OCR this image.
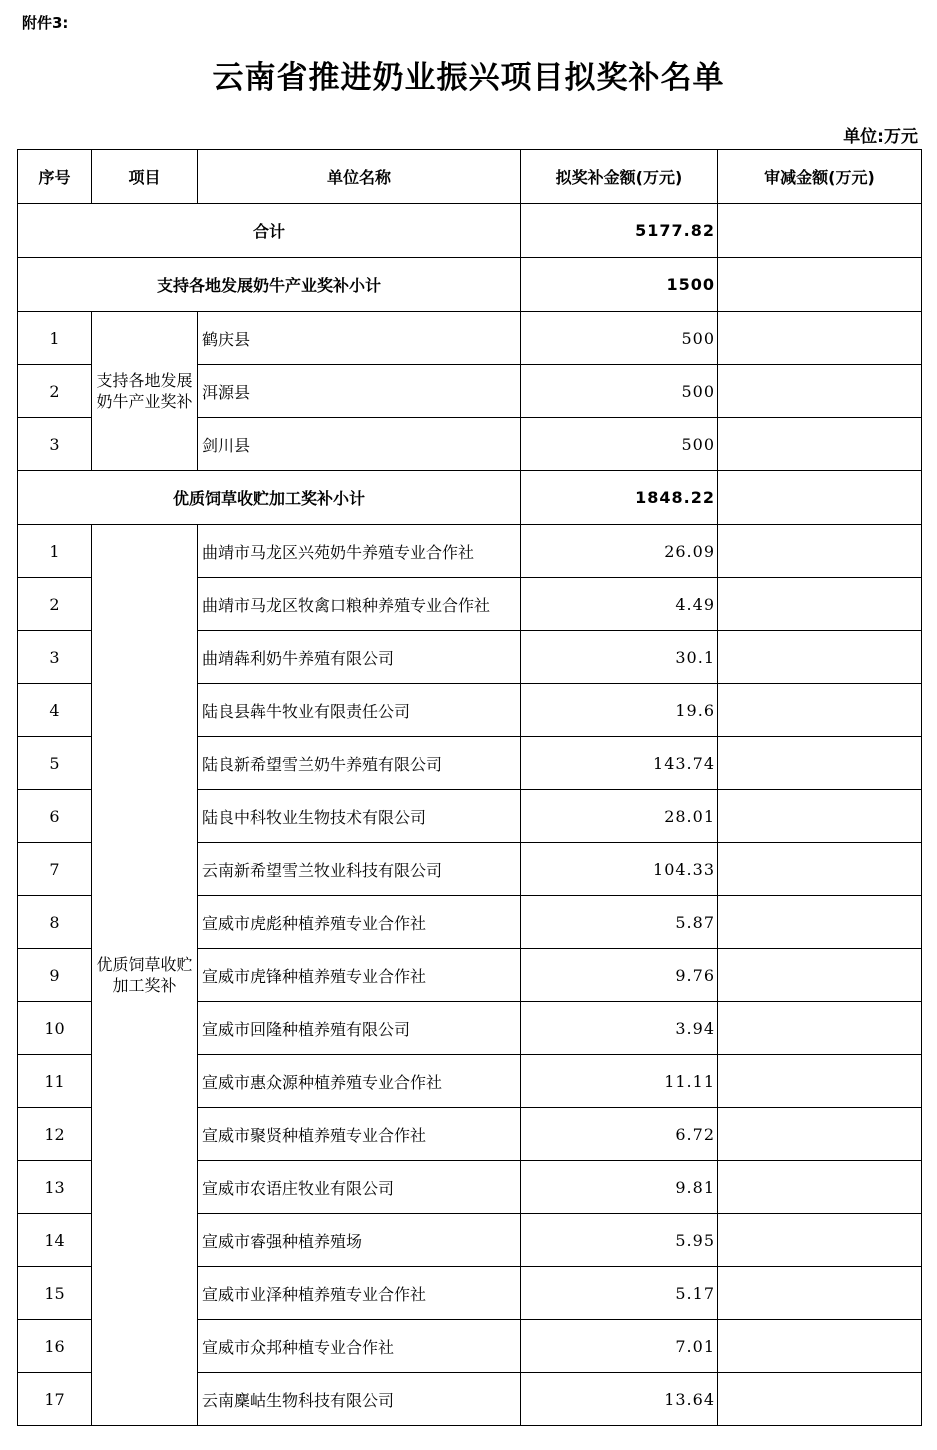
附件3:
云南省推进奶业振兴项目拟奖补名单
单位:万元
序号	项目	单位名称	拟奖补金额(万元)	审减金额(万元)
合计			5177.82	
支持各地发展奶牛产业奖补小计			1500	
1	支持各地发展奶牛产业奖补	鹤庆县	500	
2		洱源县	500	
3		剑川县	500	
优质饲草收贮加工奖补小计			1848.22	
1	优质饲草收贮加工奖补	曲靖市马龙区兴苑奶牛养殖专业合作社	26.09	
2		曲靖市马龙区牧禽口粮种养殖专业合作社	4.49	
3		曲靖犇利奶牛养殖有限公司	30.1	
4		陆良县犇牛牧业有限责任公司	19.6	
5		陆良新希望雪兰奶牛养殖有限公司	143.74	
6		陆良中科牧业生物技术有限公司	28.01	
7		云南新希望雪兰牧业科技有限公司	104.33	
8		宣威市虎彪种植养殖专业合作社	5.87	
9		宣威市虎锋种植养殖专业合作社	9.76	
10		宣威市回隆种植养殖有限公司	3.94	
11		宣威市惠众源种植养殖专业合作社	11.11	
12		宣威市聚贤种植养殖专业合作社	6.72	
13		宣威市农语庄牧业有限公司	9.81	
14		宣威市睿强种植养殖场	5.95	
15		宣威市业泽种植养殖专业合作社	5.17	
16		宣威市众邦种植专业合作社	7.01	
17		云南麇岵生物科技有限公司	13.64	
